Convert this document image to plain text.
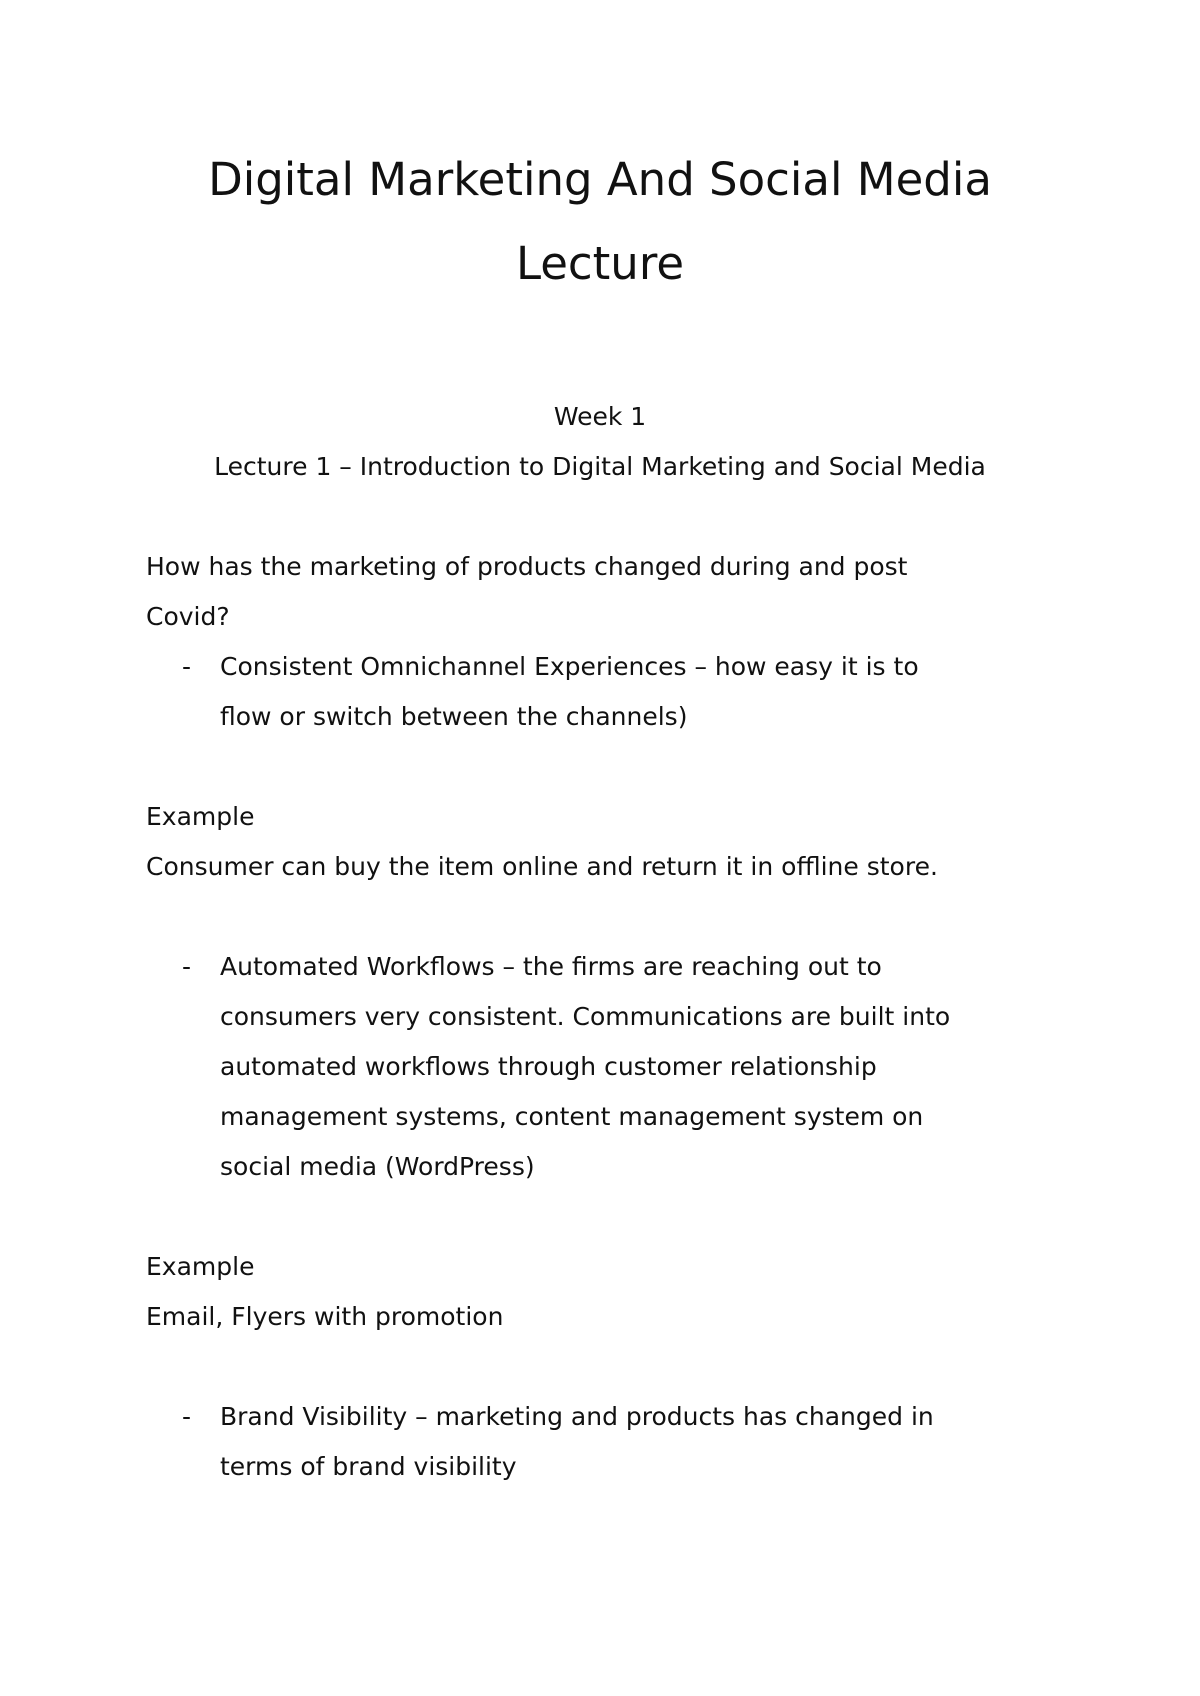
Digital Marketing And Social Media
Lecture

Week 1

Lecture 1 – Introduction to Digital Marketing and Social Media

How has the marketing of products changed during and post
Covid?

- Consistent Omnichannel Experiences – how easy it is to
flow or switch between the channels)

Example

Consumer can buy the item online and return it in offline store.

- Automated Workflows – the firms are reaching out to
consumers very consistent. Communications are built into
automated workflows through customer relationship
management systems, content management system on
social media (WordPress)

Example

Email, Flyers with promotion

- Brand Visibility – marketing and products has changed in
terms of brand visibility
